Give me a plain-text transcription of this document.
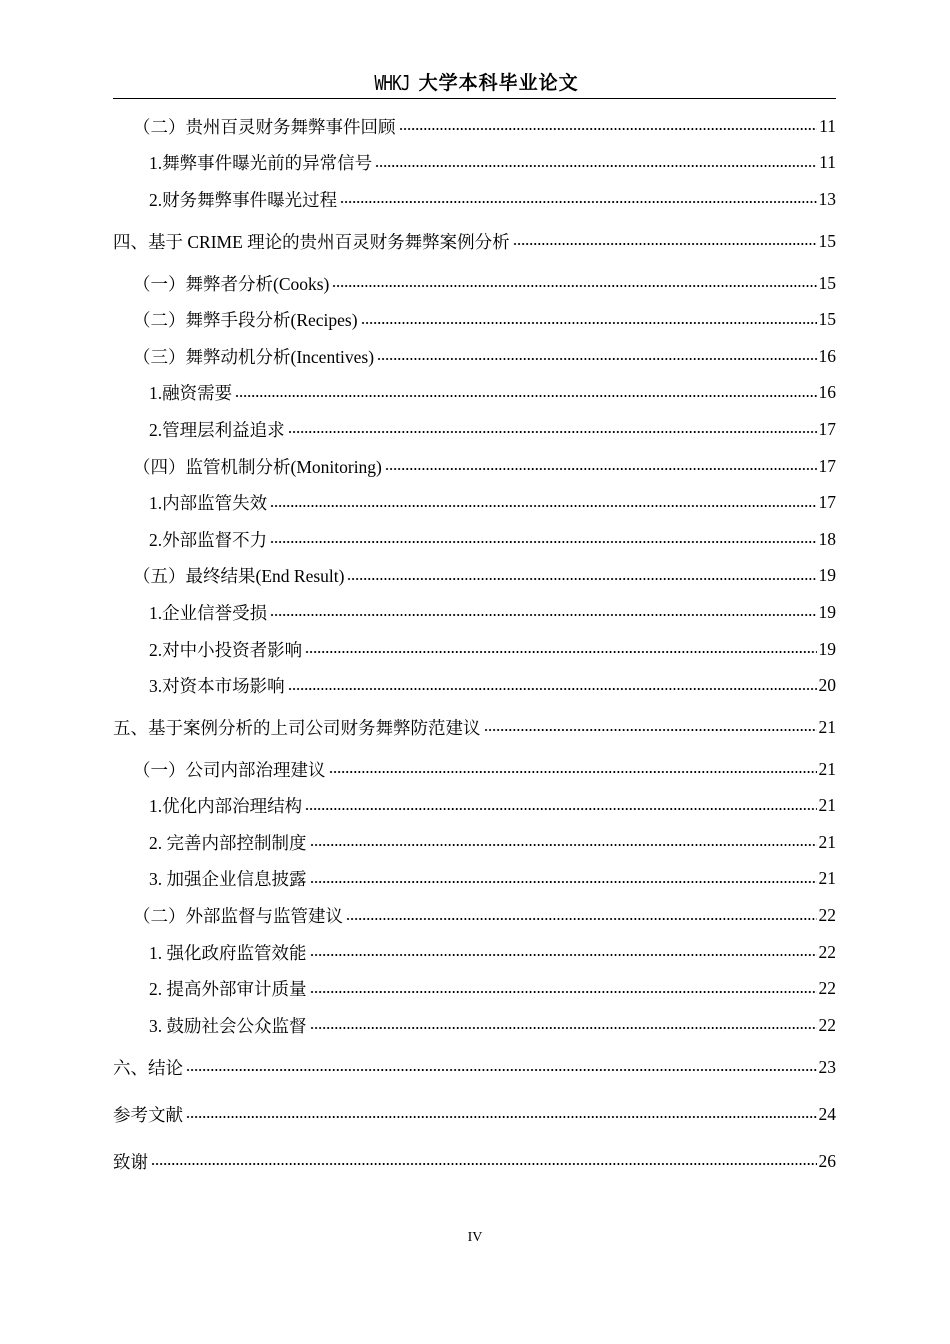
WHKJ 大学本科毕业论文
（二）贵州百灵财务舞弊事件回顾	11
1.舞弊事件曝光前的异常信号	11
2.财务舞弊事件曝光过程	13
四、基于 CRIME 理论的贵州百灵财务舞弊案例分析	15
（一）舞弊者分析(Cooks)	15
（二）舞弊手段分析(Recipes)	15
（三）舞弊动机分析(Incentives)	16
1.融资需要	16
2.管理层利益追求	17
（四）监管机制分析(Monitoring)	17
1.内部监管失效	17
2.外部监督不力	18
（五）最终结果(End Result)	19
1.企业信誉受损	19
2.对中小投资者影响	19
3.对资本市场影响	20
五、基于案例分析的上司公司财务舞弊防范建议	21
（一）公司内部治理建议	21
1.优化内部治理结构	21
2. 完善内部控制制度	21
3. 加强企业信息披露	21
（二）外部监督与监管建议	22
1. 强化政府监管效能	22
2. 提高外部审计质量	22
3. 鼓励社会公众监督	22
六、结论	23
参考文献	24
致谢	26
IV
